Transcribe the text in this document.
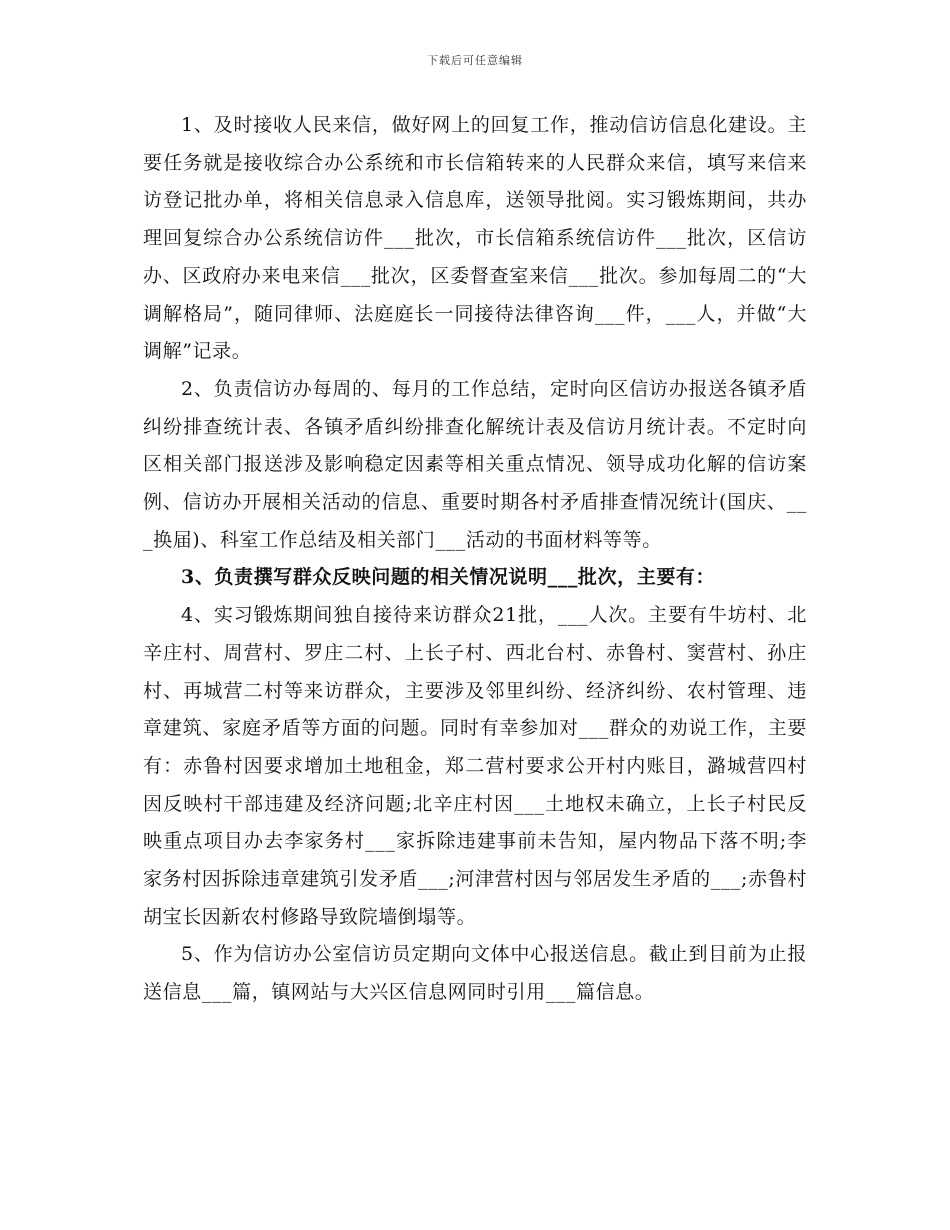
下载后可任意编辑

1、及时接收人民来信，做好网上的回复工作，推动信访信息化建设。主要任务就是接收综合办公系统和市长信箱转来的人民群众来信，填写来信来访登记批办单，将相关信息录入信息库，送领导批阅。实习锻炼期间，共办理回复综合办公系统信访件___批次，市长信箱系统信访件___批次，区信访办、区政府办来电来信___批次，区委督查室来信___批次。参加每周二的“大调解格局”，随同律师、法庭庭长一同接待法律咨询___件，___人，并做“大调解”记录。

2、负责信访办每周的、每月的工作总结，定时向区信访办报送各镇矛盾纠纷排查统计表、各镇矛盾纠纷排查化解统计表及信访月统计表。不定时向区相关部门报送涉及影响稳定因素等相关重点情况、领导成功化解的信访案例、信访办开展相关活动的信息、重要时期各村矛盾排查情况统计(国庆、___换届)、科室工作总结及相关部门___活动的书面材料等等。

3、负责撰写群众反映问题的相关情况说明___批次，主要有：

4、实习锻炼期间独自接待来访群众21批，___人次。主要有牛坊村、北辛庄村、周营村、罗庄二村、上长子村、西北台村、赤鲁村、窦营村、孙庄村、再城营二村等来访群众，主要涉及邻里纠纷、经济纠纷、农村管理、违章建筑、家庭矛盾等方面的问题。同时有幸参加对___群众的劝说工作，主要有：赤鲁村因要求增加土地租金，郑二营村要求公开村内账目，潞城营四村因反映村干部违建及经济问题;北辛庄村因___土地权未确立，上长子村民反映重点项目办去李家务村___家拆除违建事前未告知，屋内物品下落不明;李家务村因拆除违章建筑引发矛盾___;河津营村因与邻居发生矛盾的___;赤鲁村胡宝长因新农村修路导致院墙倒塌等。

5、作为信访办公室信访员定期向文体中心报送信息。截止到目前为止报送信息___篇，镇网站与大兴区信息网同时引用___篇信息。
